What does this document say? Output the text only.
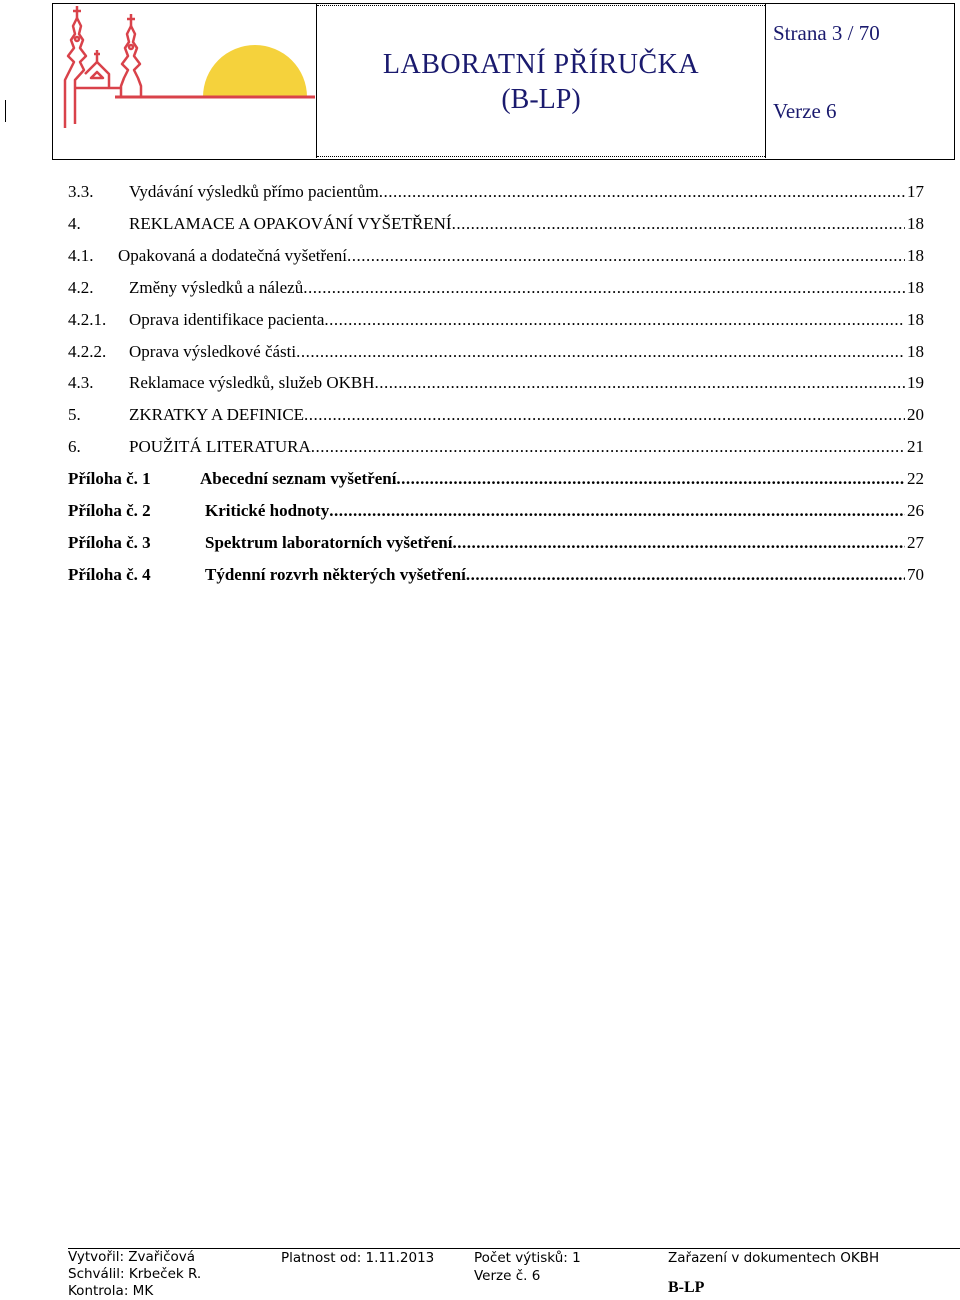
LABORATNÍ PŘÍRUČKA
(B-LP)
Strana 3 / 70
Verze 6
3.3. Vydávání výsledků přímo pacientům .....	17
4.	REKLAMACE A OPAKOVÁNÍ VYŠETŘENÍ .....	18
4.1. Opakovaná a dodatečná vyšetření .....	18
4.2. Změny výsledků a nálezů .....	18
4.2.1. Oprava identifikace pacienta .....	18
4.2.2. Oprava výsledkové části .....	18
4.3. Reklamace výsledků, služeb OKBH .....	19
5.	ZKRATKY A DEFINICE .....	20
6.	POUŽITÁ LITERATURA .....	21
Příloha č. 1	Abecední seznam vyšetření .....	22
Příloha č. 2	Kritické hodnoty .....	26
Příloha č. 3	Spektrum laboratorních vyšetření .....	27
Příloha č. 4	Týdenní rozvrh některých vyšetření .....	70
Vytvořil: Zvařičová
Schválil: Krbeček R.
Kontrola: MK
Platnost od: 1.11.2013	Počet výtisků: 1
Verze č. 6
Zařazení v dokumentech OKBH
B-LP
